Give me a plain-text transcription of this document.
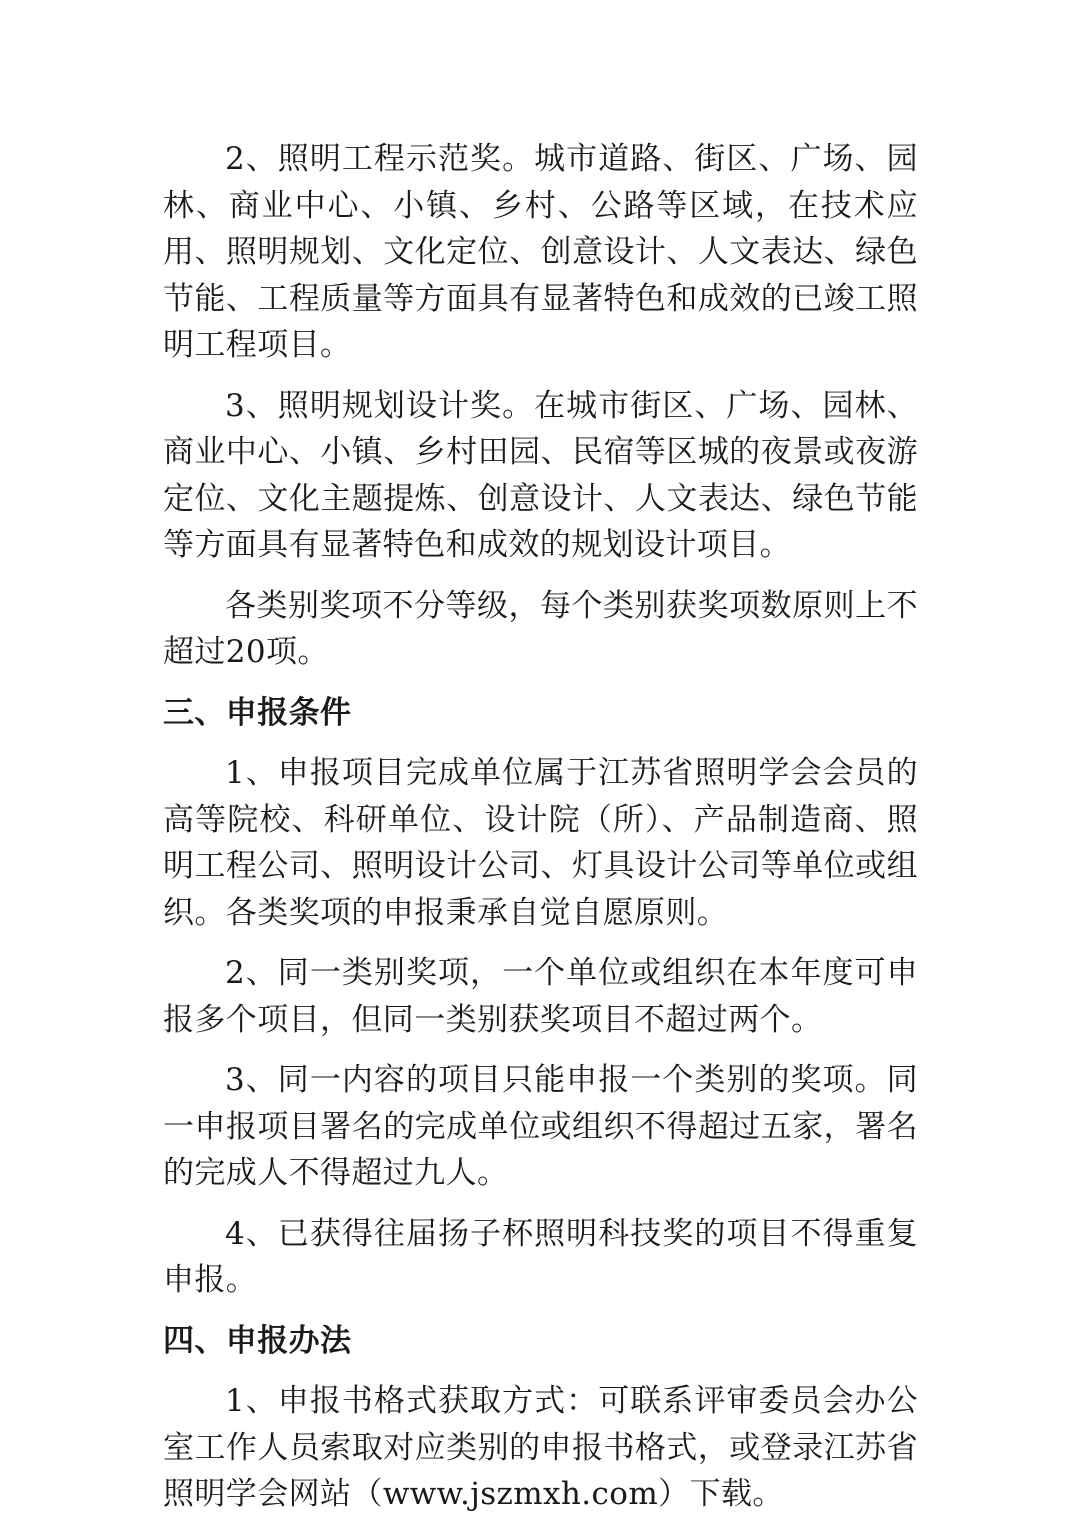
2、照明工程示范奖。城市道路、街区、广场、园林、商业中心、小镇、乡村、公路等区域，在技术应用、照明规划、文化定位、创意设计、人文表达、绿色节能、工程质量等方面具有显著特色和成效的已竣工照明工程项目。

3、照明规划设计奖。在城市街区、广场、园林、商业中心、小镇、乡村田园、民宿等区城的夜景或夜游定位、文化主题提炼、创意设计、人文表达、绿色节能等方面具有显著特色和成效的规划设计项目。

各类别奖项不分等级，每个类别获奖项数原则上不超过20项。

三、申报条件

1、申报项目完成单位属于江苏省照明学会会员的高等院校、科研单位、设计院（所）、产品制造商、照明工程公司、照明设计公司、灯具设计公司等单位或组织。各类奖项的申报秉承自觉自愿原则。

2、同一类别奖项，一个单位或组织在本年度可申报多个项目，但同一类别获奖项目不超过两个。

3、同一内容的项目只能申报一个类别的奖项。同一申报项目署名的完成单位或组织不得超过五家，署名的完成人不得超过九人。

4、已获得往届扬子杯照明科技奖的项目不得重复申报。

四、申报办法

1、申报书格式获取方式：可联系评审委员会办公室工作人员索取对应类别的申报书格式，或登录江苏省照明学会网站（www.jszmxh.com）下载。
